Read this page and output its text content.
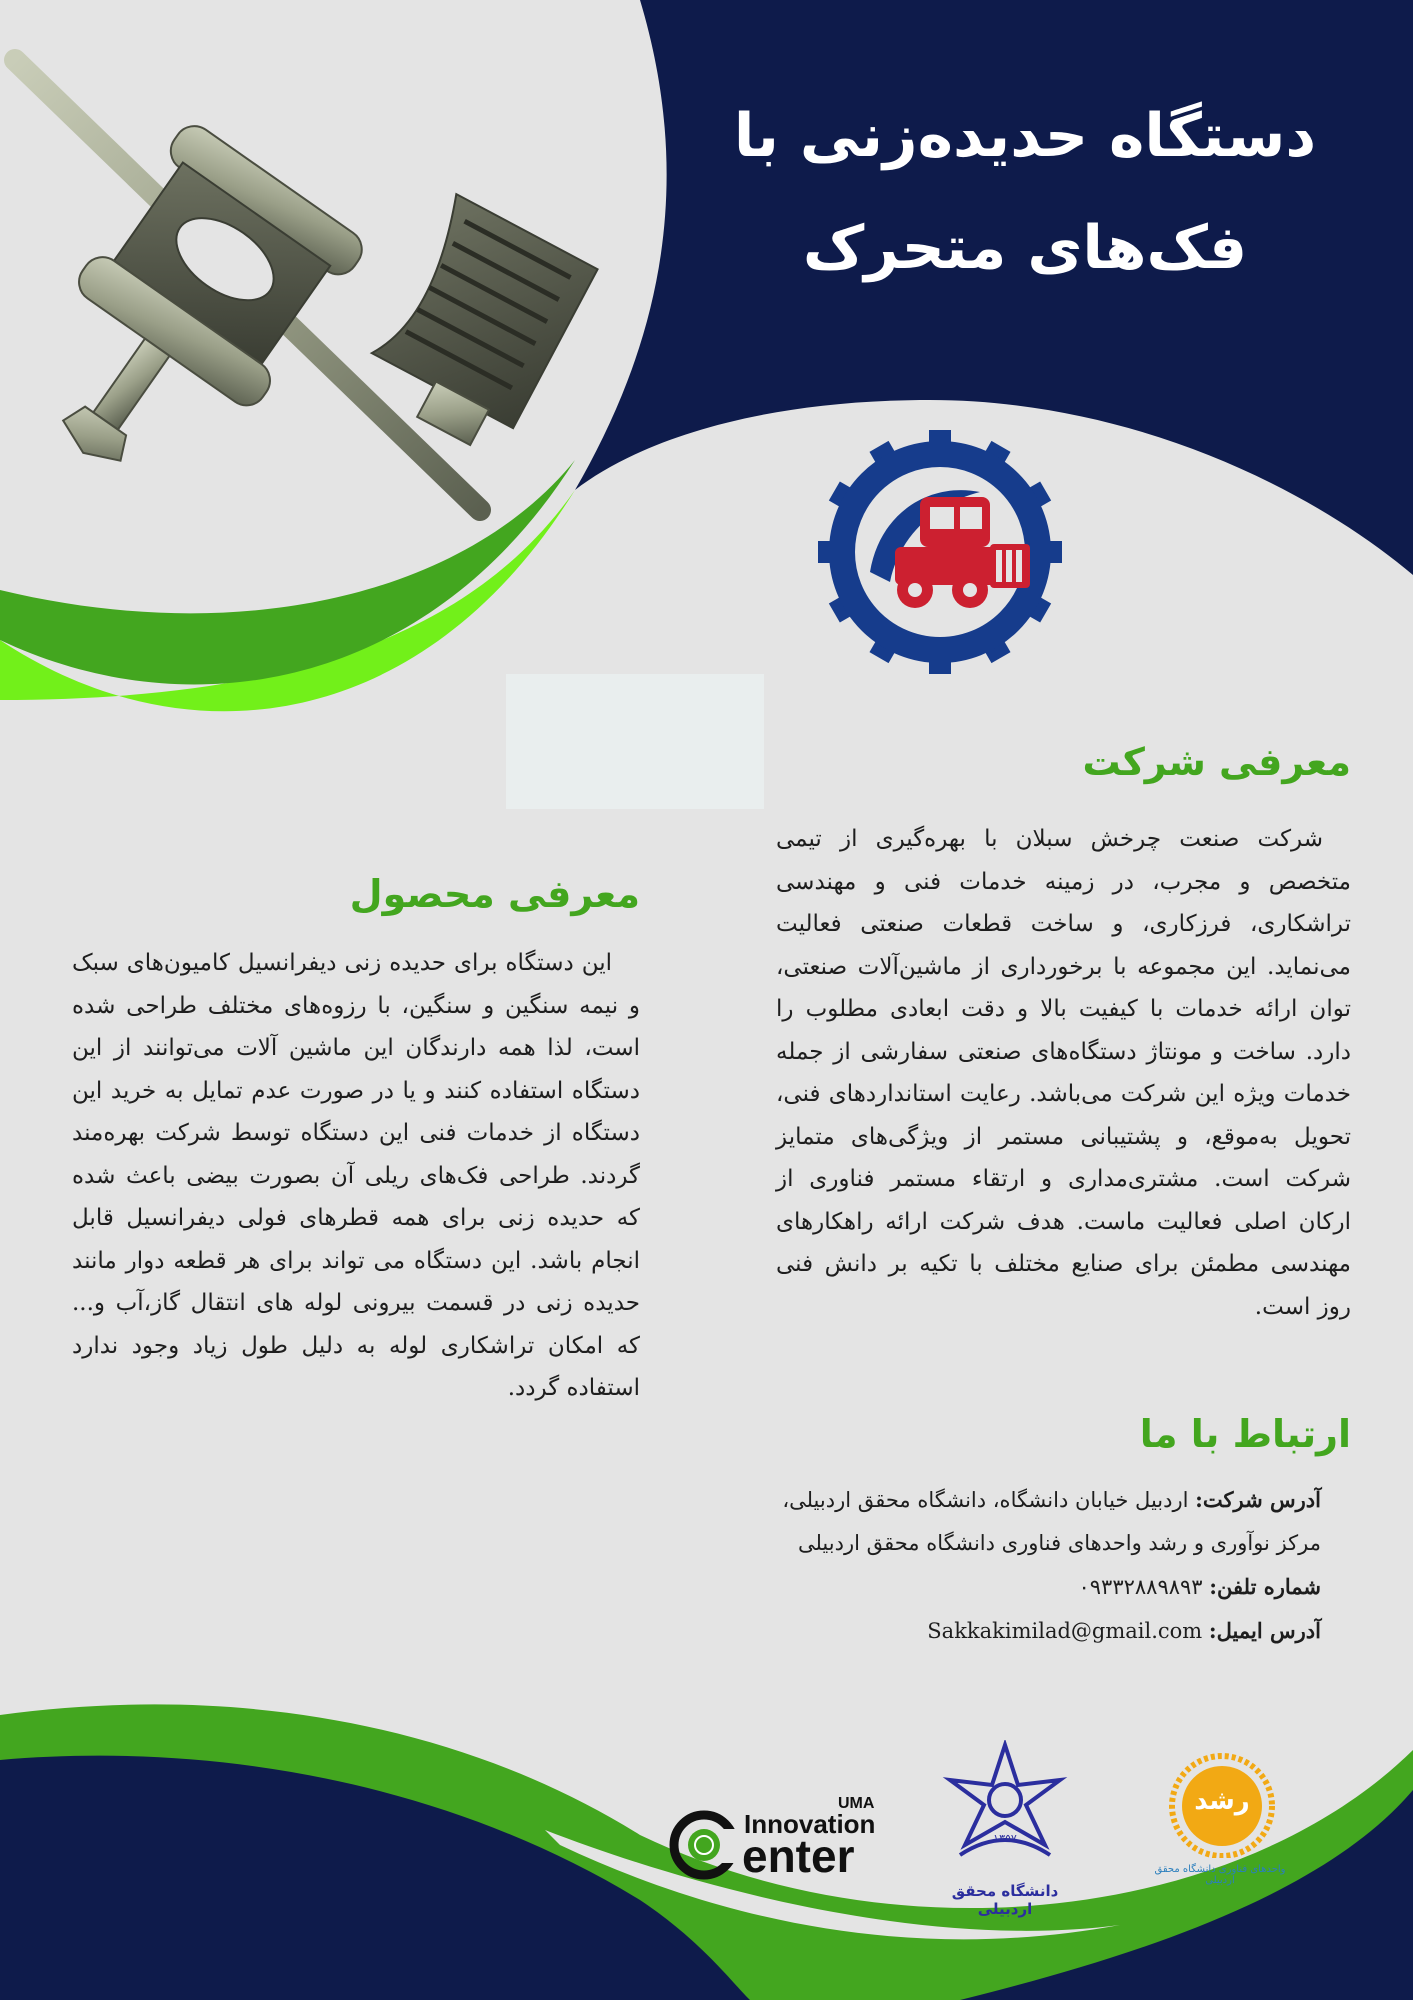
دستگاه حدیده‌زنی با
فک‌های متحرک
معرفی شرکت

شرکت صنعت چرخش سبلان با بهره‌گیری از تیمی متخصص و مجرب، در زمینه خدمات فنی و مهندسی تراشکاری، فرزکاری، و ساخت قطعات صنعتی فعالیت می‌نماید. این مجموعه با برخورداری از ماشین‌آلات صنعتی، توان ارائه خدمات با کیفیت بالا و دقت ابعادی مطلوب را دارد. ساخت و مونتاژ دستگاه‌های صنعتی سفارشی از جمله خدمات ویژه این شرکت می‌باشد. رعایت استانداردهای فنی، تحویل به‌موقع، و پشتیبانی مستمر از ویژگی‌های متمایز شرکت است. مشتری‌مداری و ارتقاء مستمر فناوری از ارکان اصلی فعالیت ماست. هدف شرکت ارائه راهکارهای مهندسی مطمئن برای صنایع مختلف با تکیه بر دانش فنی روز است.

معرفی محصول

این دستگاه برای حدیده زنی دیفرانسیل کامیون‌های سبک و نیمه سنگین و سنگین، با رزوه‌های مختلف طراحی شده است، لذا همه دارندگان این ماشین آلات می‌توانند از این دستگاه استفاده کنند و یا در صورت عدم تمایل به خرید این دستگاه از خدمات فنی این دستگاه توسط شرکت بهره‌مند گردند. طراحی فک‌های ریلی آن بصورت بیضی باعث شده که حدیده زنی برای همه قطرهای فولی دیفرانسیل قابل انجام باشد. این دستگاه می تواند برای هر قطعه دوار مانند حدیده زنی در قسمت بیرونی لوله های انتقال گاز،آب و... که امکان تراشکاری لوله به دلیل طول زیاد وجود ندارد استفاده گردد.

ارتباط با ما
آدرس شرکت: اردبیل خیابان دانشگاه، دانشگاه محقق اردبیلی، مرکز نوآوری و رشد واحدهای فناوری دانشگاه محقق اردبیلی
شماره تلفن: ۰۹۳۳۲۸۸۹۸۹۳
آدرس ایمیل: Sakkakimilad@gmail.com
UMA
Innovation
enter	۱۳۵۷
دانشگاه محقق اردبیلی
رشد
واحدهای فناوری دانشگاه محقق اردبیلی
